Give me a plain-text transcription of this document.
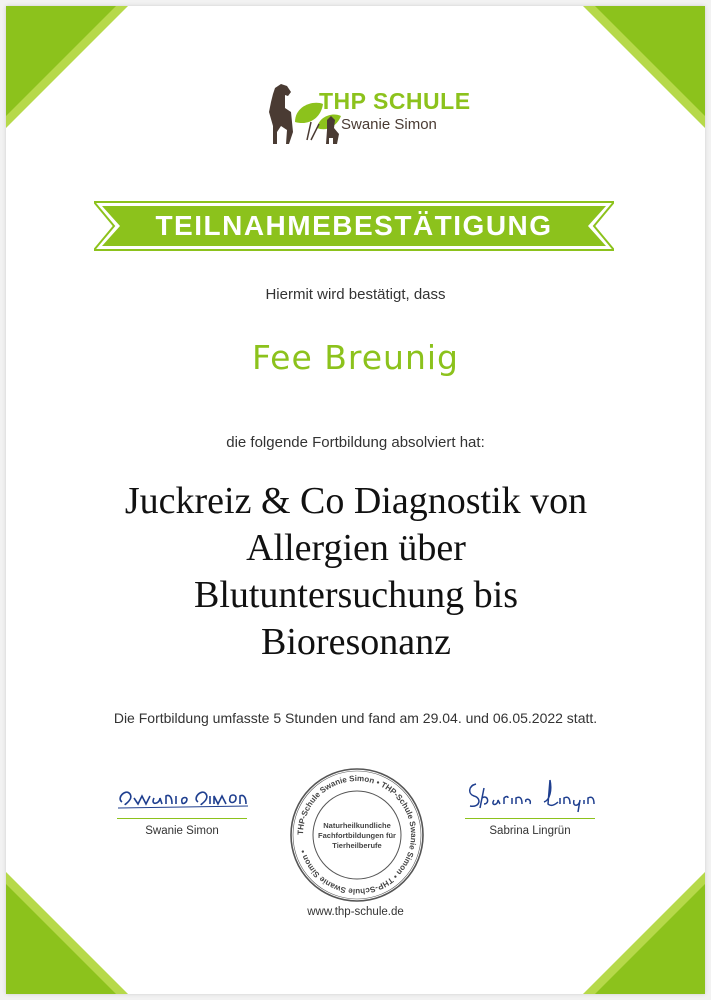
THP SCHULE
Swanie Simon
TEILNAHMEBESTÄTIGUNG
Hiermit wird bestätigt, dass
Fee Breunig
die folgende Fortbildung absolviert hat:
Juckreiz & Co Diagnostik von
Allergien über
Blutuntersuchung bis
Bioresonanz
Die Fortbildung umfasste 5 Stunden und fand am 29.04. und 06.05.2022 statt.
Swanie Simon	THP-Schule Swanie Simon • THP-Schule Swanie Simon • THP-Schule Swanie Simon •
Naturheilkundliche
Fachfortbildungen für
Tierheilberufe
Sabrina Lingrün
www.thp-schule.de
